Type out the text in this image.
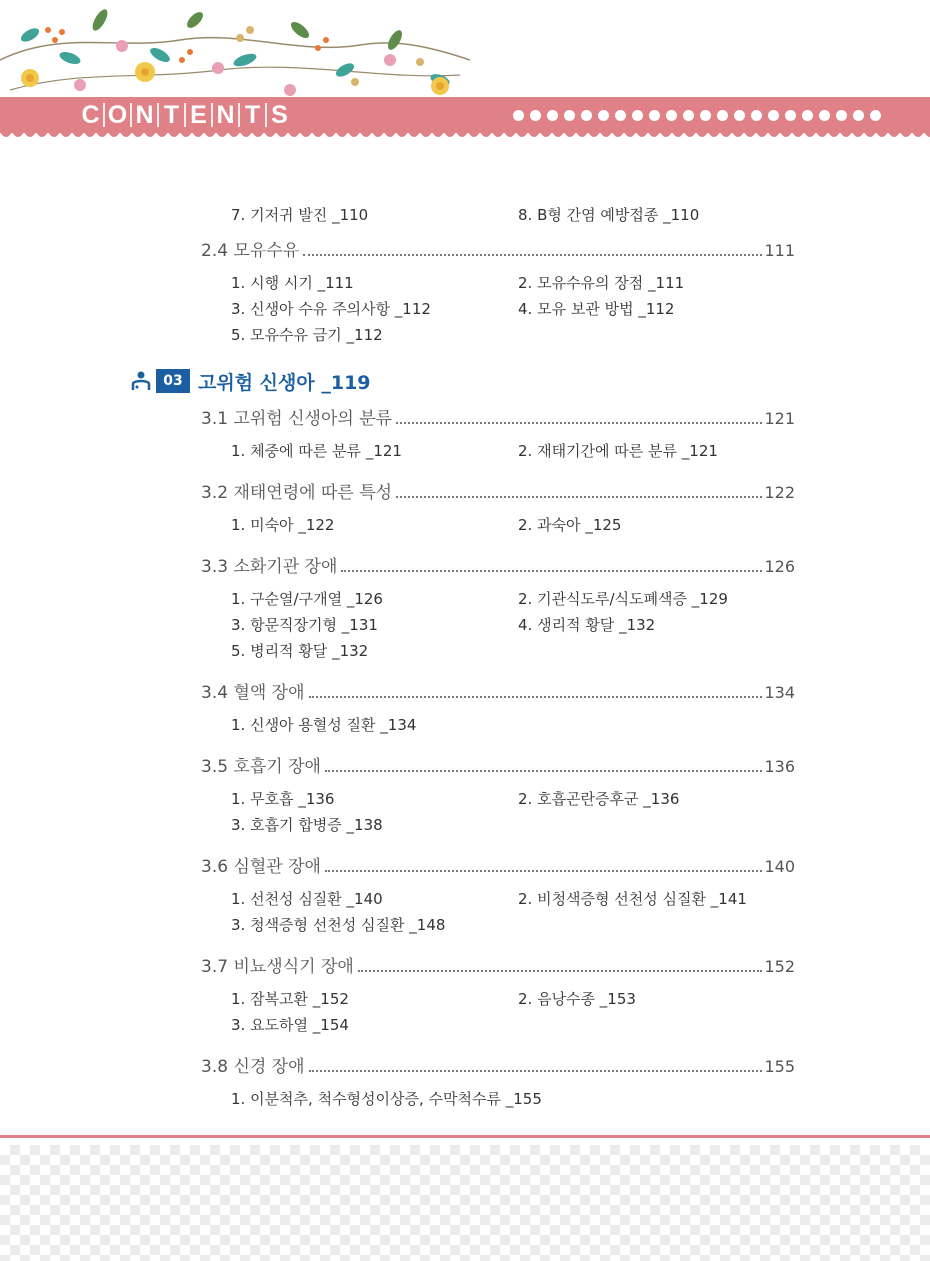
C O N T E N T S
7. 기저귀 발진 _110	8. B형 간염 예방접종 _110
2.4 모유수유	111
1. 시행 시기 _111	2. 모유수유의 장점 _111
3. 신생아 수유 주의사항 _112	4. 모유 보관 방법 _112
5. 모유수유 금기 _112
3.1 고위험 신생아의 분류	121
1. 체중에 따른 분류 _121	2. 재태기간에 따른 분류 _121
3.2 재태연령에 따른 특성	122
1. 미숙아 _122	2. 과숙아 _125
3.3 소화기관 장애	126
1. 구순열/구개열 _126	2. 기관식도루/식도폐색증 _129
3. 항문직장기형 _131	4. 생리적 황달 _132
5. 병리적 황달 _132
3.4 혈액 장애	134
1. 신생아 용혈성 질환 _134
3.5 호흡기 장애	136
1. 무호흡 _136	2. 호흡곤란증후군 _136
3. 호흡기 합병증 _138
3.6 심혈관 장애	140
1. 선천성 심질환 _140	2. 비청색증형 선천성 심질환 _141
3. 청색증형 선천성 심질환 _148
3.7 비뇨생식기 장애	152
1. 잠복고환 _152	2. 음낭수종 _153
3. 요도하열 _154
3.8 신경 장애	155
1. 이분척추, 척수형성이상증, 수막척수류 _155
03 고위험 신생아 _119
